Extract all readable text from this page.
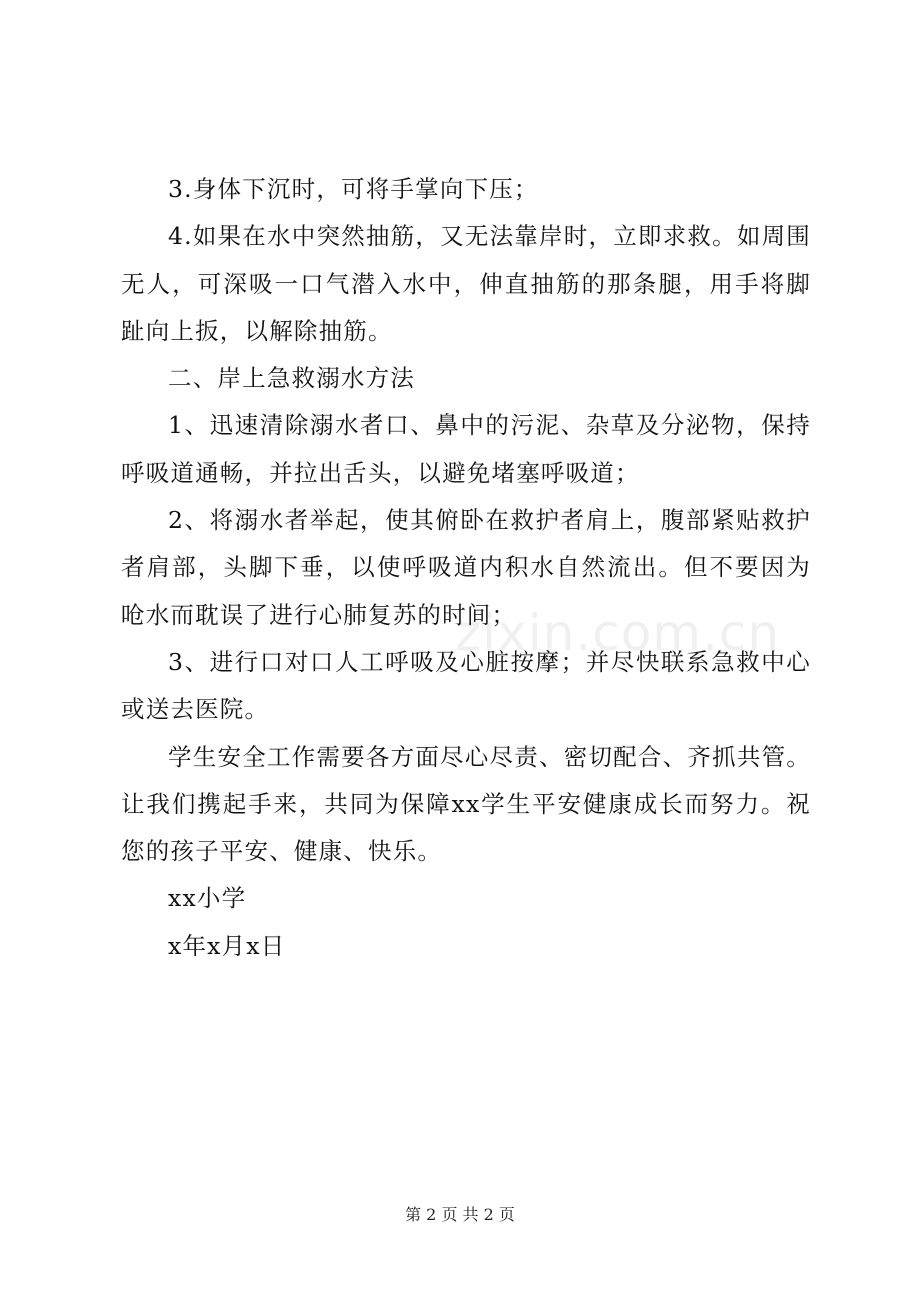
3.身体下沉时，可将手掌向下压；

4.如果在水中突然抽筋，又无法靠岸时，立即求救。如周围无人，可深吸一口气潜入水中，伸直抽筋的那条腿，用手将脚趾向上扳，以解除抽筋。

二、岸上急救溺水方法

1、迅速清除溺水者口、鼻中的污泥、杂草及分泌物，保持呼吸道通畅，并拉出舌头，以避免堵塞呼吸道；

2、将溺水者举起，使其俯卧在救护者肩上，腹部紧贴救护者肩部，头脚下垂，以使呼吸道内积水自然流出。但不要因为呛水而耽误了进行心肺复苏的时间；

3、进行口对口人工呼吸及心脏按摩；并尽快联系急救中心或送去医院。

学生安全工作需要各方面尽心尽责、密切配合、齐抓共管。让我们携起手来，共同为保障xx学生平安健康成长而努力。祝您的孩子平安、健康、快乐。

xx小学

x年x月x日

zixin.com.cn
第 2 页 共 2 页
